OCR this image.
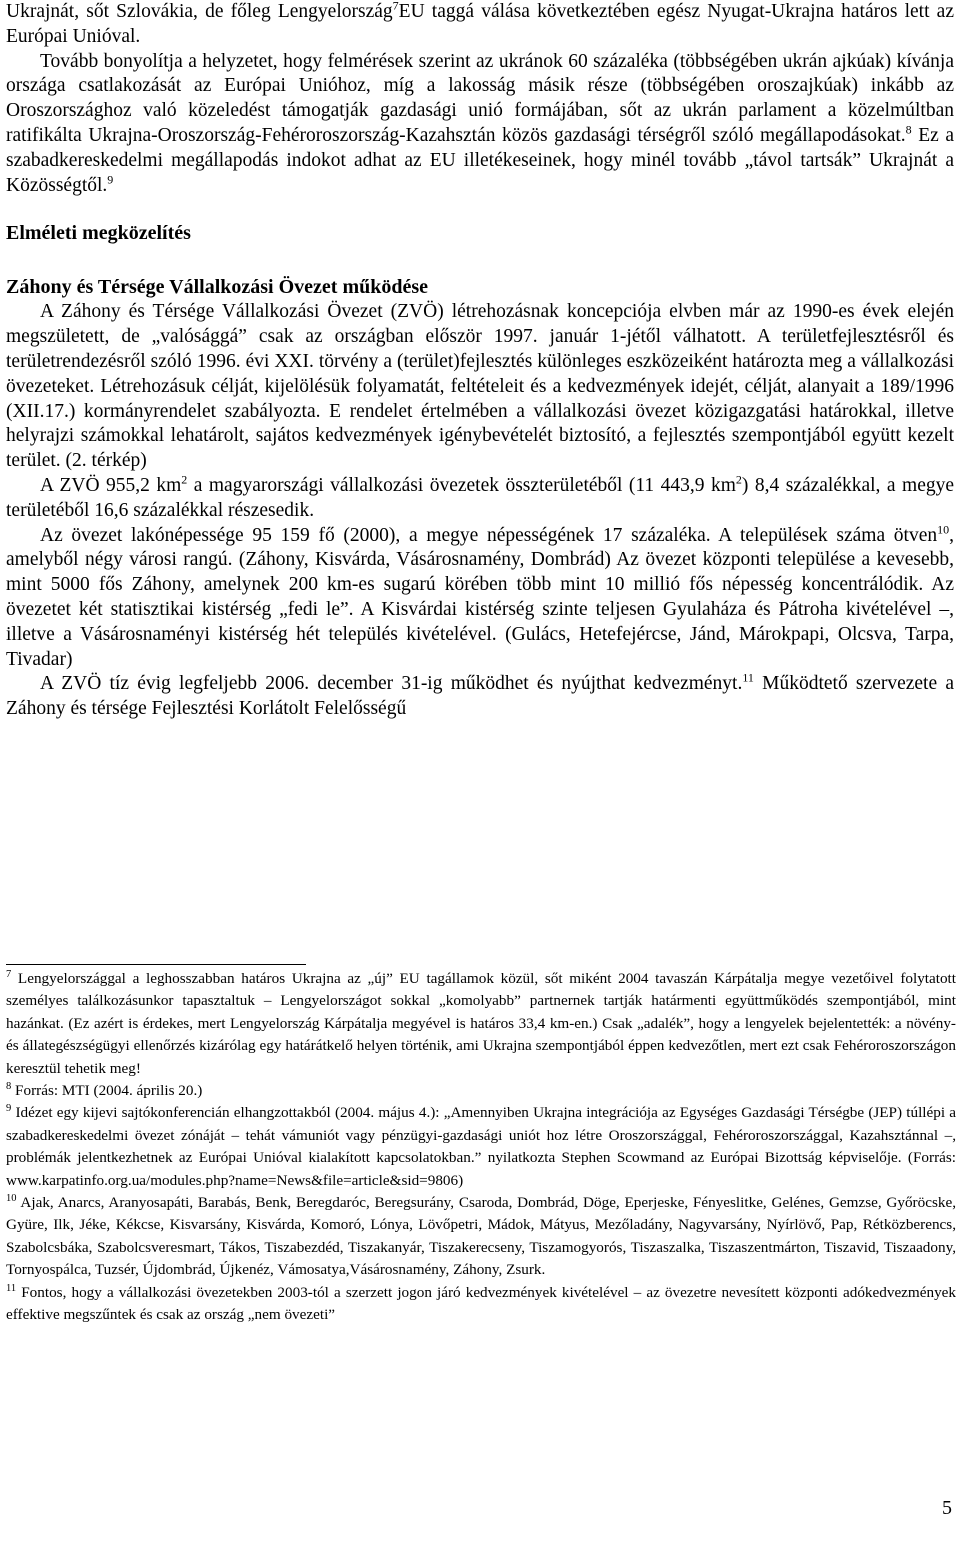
Ukrajnát, sőt Szlovákia, de főleg Lengyelország$^7$EU taggá válása következtében egész Nyugat-Ukrajna határos lett az Európai Unióval.

Tovább bonyolítja a helyzetet, hogy felmérések szerint az ukránok 60 százaléka (többségében ukrán ajkúak) kívánja országa csatlakozását az Európai Unióhoz, míg a lakosság másik része (többségében oroszajkúak) inkább az Oroszországhoz való közeledést támogatják gazdasági unió formájában, sőt az ukrán parlament a közelmúltban ratifikálta Ukrajna-Oroszország-Fehéroroszország-Kazahsztán közös gazdasági térségről szóló megállapodásokat.$^8$ Ez a szabadkereskedelmi megállapodás indokot adhat az EU illetékeseinek, hogy minél tovább „távol tartsák” Ukrajnát a Közösségtől.$^9$

Elméleti megközelítés
Záhony és Térsége Vállalkozási Övezet működése

A Záhony és Térsége Vállalkozási Övezet (ZVÖ) létrehozásnak koncepciója elvben már az 1990-es évek elején megszületett, de „valósággá” csak az országban először 1997. január 1-jétől válhatott. A területfejlesztésről és területrendezésről szóló 1996. évi XXI. törvény a (terület)fejlesztés különleges eszközeiként határozta meg a vállalkozási övezeteket. Létrehozásuk célját, kijelölésük folyamatát, feltételeit és a kedvezmények idejét, célját, alanyait a 189/1996 (XII.17.) kormányrendelet szabályozta. E rendelet értelmében a vállalkozási övezet közigazgatási határokkal, illetve helyrajzi számokkal lehatárolt, sajátos kedvezmények igénybevételét biztosító, a fejlesztés szempontjából együtt kezelt terület. (2. térkép)

A ZVÖ 955,2 $km^2$ a magyarországi vállalkozási övezetek összterületéből (11 443,9 $km^2$) 8,4 százalékkal, a megye területéből 16,6 százalékkal részesedik.

Az övezet lakónépessége 95 159 fő (2000), a megye népességének 17 százaléka. A települések száma ötven$^{10}$, amelyből négy városi rangú. (Záhony, Kisvárda, Vásárosnamény, Dombrád) Az övezet központi települése a kevesebb, mint 5000 fős Záhony, amelynek 200 km-es sugarú körében több mint 10 millió fős népesség koncentrálódik. Az övezetet két statisztikai kistérség „fedi le”. A Kisvárdai kistérség szinte teljesen Gyulaháza és Pátroha kivételével –, illetve a Vásárosnaményi kistérség hét település kivételével. (Gulács, Hetefejércse, Jánd, Márokpapi, Olcsva, Tarpa, Tivadar)

A ZVÖ tíz évig legfeljebb 2006. december 31-ig működhet és nyújthat kedvezményt.$^{11}$ Működtető szervezete a Záhony és térsége Fejlesztési Korlátolt Felelősségű

$^7$ Lengyelországgal a leghosszabban határos Ukrajna az „új” EU tagállamok közül, sőt miként 2004 tavaszán Kárpátalja megye vezetőivel folytatott személyes találkozásunkor tapasztaltuk – Lengyelországot sokkal „komolyabb” partnernek tartják határmenti együttműködés szempontjából, mint hazánkat. (Ez azért is érdekes, mert Lengyelország Kárpátalja megyével is határos 33,4 km-en.) Csak „adalék”, hogy a lengyelek bejelentették: a növény- és állategészségügyi ellenőrzés kizárólag egy határátkelő helyen történik, ami Ukrajna szempontjából éppen kedvezőtlen, mert ezt csak Fehéroroszországon keresztül tehetik meg!

$^8$ Forrás: MTI (2004. április 20.)

$^9$ Idézet egy kijevi sajtókonferencián elhangzottakból (2004. május 4.): „Amennyiben Ukrajna integrációja az Egységes Gazdasági Térségbe (JEP) túllépi a szabadkereskedelmi övezet zónáját – tehát vámuniót vagy pénzügyi-gazdasági uniót hoz létre Oroszországgal, Fehéroroszországgal, Kazahsztánnal –, problémák jelentkezhetnek az Európai Unióval kialakított kapcsolatokban.” nyilatkozta Stephen Scowmand az Európai Bizottság képviselője. (Forrás: www.karpatinfo.org.ua/modules.php?name=News&file=article&sid=9806)

$^{10}$ Ajak, Anarcs, Aranyosapáti, Barabás, Benk, Beregdaróc, Beregsurány, Csaroda, Dombrád, Döge, Eperjeske, Fényeslitke, Gelénes, Gemzse, Győröcske, Gyüre, Ilk, Jéke, Kékcse, Kisvarsány, Kisvárda, Komoró, Lónya, Lövőpetri, Mádok, Mátyus, Mezőladány, Nagyvarsány, Nyírlövő, Pap, Rétközberencs, Szabolcsbáka, Szabolcsveresmart, Tákos, Tiszabezdéd, Tiszakanyár, Tiszakerecseny, Tiszamogyorós, Tiszaszalka, Tiszaszentmárton, Tiszavid, Tiszaadony, Tornyospálca, Tuzsér, Újdombrád, Újkenéz, Vámosatya,Vásárosnamény, Záhony, Zsurk.

$^{11}$ Fontos, hogy a vállalkozási övezetekben 2003-tól a szerzett jogon járó kedvezmények kivételével – az övezetre nevesített központi adókedvezmények effektive megszűntek és csak az ország „nem övezeti”

5
